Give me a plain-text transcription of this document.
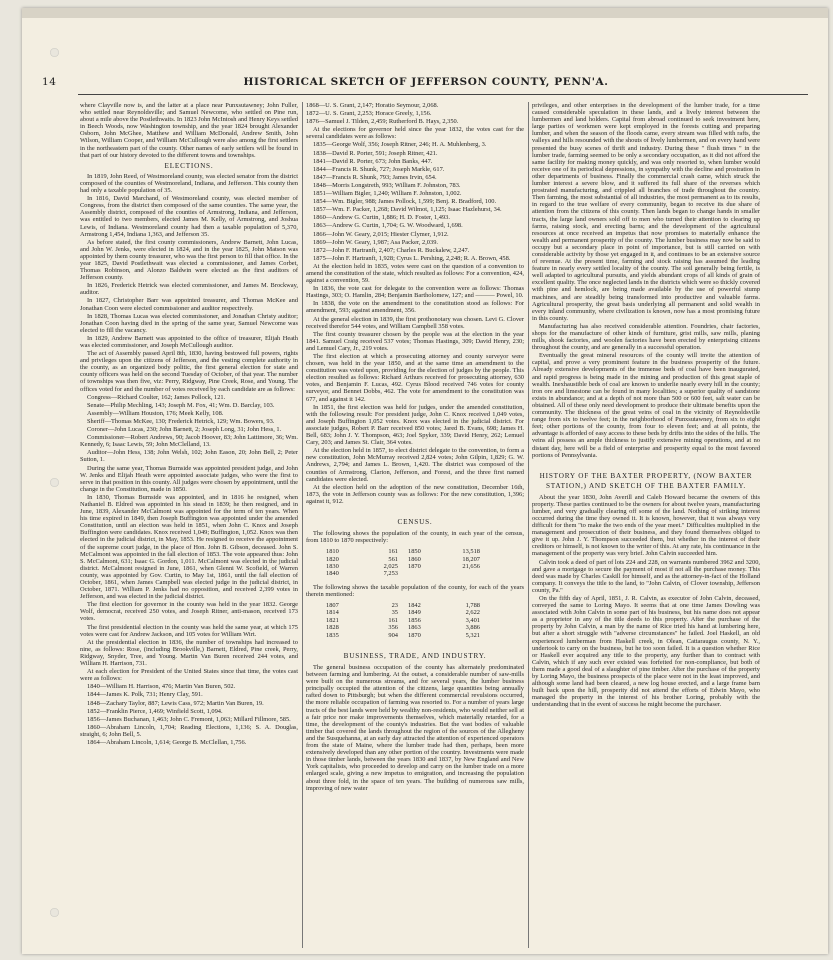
14	HISTORICAL SKETCH OF JEFFERSON COUNTY, PENN'A.

where Clayville now is, and the latter at a place near Punxsutawney; John Fuller, who settled near Reynoldsville; and Samuel Newcome, who settled on Pine run, about a mile above the Postlethwaits. In 1823 John McIntosh and Henry Keys settled in Beech Woods, now Washington township, and the year 1824 brought Alexander Osborn, John McGhee, Matthew and William McDonald, Andrew Smith, John Wilson, William Cooper, and William McCullough were also among the first settlers in the northeastern part of the county. Other names of early settlers will be found in that part of our history devoted to the different towns and townships.

ELECTIONS.

In 1819, John Reed, of Westmoreland county, was elected senator from the district composed of the counties of Westmoreland, Indiana, and Jefferson. This county then had only a taxable population of 35.

In 1816, David Marchand, of Westmoreland county, was elected member of Congress, from the district then composed of the same counties. The same year, the Assembly district, composed of the counties of Armstrong, Indiana, and Jefferson, was entitled to two members, elected James M. Kelly, of Armstrong, and Joshua Lewis, of Indiana. Westmoreland county had then a taxable population of 5,370, Armstrong 1,454, Indiana 1,363, and Jefferson 35.

As before stated, the first county commissioners, Andrew Barnett, John Lucas, and John W. Jenks, were elected in 1824, and in the year 1825, John Matson was appointed by them county treasurer, who was the first person to fill that office. In the year 1825, David Postlethwait was elected a commissioner, and James Corbet, Thomas Robinson, and Alonzo Baldwin were elected as the first auditors of Jefferson county.

In 1826, Frederick Hetrick was elected commissioner, and James M. Brockway, auditor.

In 1827, Christopher Barr was appointed treasurer, and Thomas McKee and Jonathan Coon were elected commissioner and auditor respectively.

In 1828, Thomas Lucas was elected commissioner, and Jonathan Christy auditor; Jonathan Coon having died in the spring of the same year, Samuel Newcome was elected to fill the vacancy.

In 1829, Andrew Barnett was appointed to the office of treasurer, Elijah Heath was elected commissioner, and Joseph McCullough auditor.

The act of Assembly passed April 8th, 1830, having bestowed full powers, rights and privileges upon the citizens of Jefferson, and the vesting complete authority in the county, as an organized body politic, the first general election for state and county officers was held on the second Tuesday of October, of that year. The number of townships was then five, viz: Perry, Ridgway, Pine Creek, Rose, and Young. The offices voted for and the number of votes received by each candidate are as follows:

Congress—Richard Coulter, 162; James Pollock, 121.

Senate—Philip Mechling, 143; Joseph M. Fox, 41; Wm. D. Barclay, 103.

Assembly—William Houston, 176; Meek Kelly, 108.

Sheriff—Thomas McKee, 130; Frederick Hetrick, 129; Wm. Bowers, 93.

Coroner—John Lucas, 230; John Barnett, 2; Joseph Long, 31; John Hess, 1.

Commissioner—Robert Andrews, 90; Jacob Hoover, 83; John Lattimore, 36; Wm. Kennedy, 6; Isaac Lewis, 59; John McClelland, 13.

Auditor—John Hess, 138; John Welsh, 102; John Eason, 20; John Bell, 2; Peter Sutton, 1.

During the same year, Thomas Burnside was appointed president judge, and John W. Jenks and Elijah Heath were appointed associate judges, who were the first to serve in that position in this county. All judges were chosen by appointment, until the change in the Constitution, made in 1850.

In 1830, Thomas Burnside was appointed, and in 1816 he resigned, when Nathaniel B. Eldred was appointed in his stead in 1839; he then resigned, and in June, 1839, Alexander McCalmont was appointed for the term of ten years. When his time expired in 1849, then Joseph Buffington was appointed under the amended Constitution, until an election was held in 1851, when John C. Knox and Joseph Buffington were candidates. Knox received 1,049; Buffington, 1,052. Knox was then elected in the judicial district, in May, 1853. He resigned to receive the appointment of the supreme court judge, in the place of Hon. John B. Gibson, deceased. John S. McCalmont was appointed in the fall election of 1853. The vote appeared thus: John S. McCalmont, 631; Isaac G. Gordon, 1,011. McCalmont was elected in the judicial district. McCalmont resigned in June, 1861, when Glenni W. Scofield, of Warren county, was appointed by Gov. Curtin, to May 1st, 1861, until the fall election of October, 1861, when James Campbell was elected judge in the judicial district, in October, 1871. William P. Jenks had no opposition, and received 2,399 votes in Jefferson, and was elected in the judicial district.

The first election for governor in the county was held in the year 1832. George Wolf, democrat, received 250 votes, and Joseph Ritner, anti-mason, received 173 votes.

The first presidential election in the county was held the same year, at which 175 votes were cast for Andrew Jackson, and 105 votes for William Wirt.

At the presidential election in 1836, the number of townships had increased to nine, as follows: Rose, (including Brookville,) Barnett, Eldred, Pine creek, Perry, Ridgway, Snyder, Tree, and Young. Martin Van Buren received 244 votes, and William H. Harrison, 731.

At each election for President of the United States since that time, the votes cast were as follows:

1840—William H. Harrison, 476; Martin Van Buren, 502.

1844—James K. Polk, 731; Henry Clay, 591.

1848—Zachary Taylor, 887; Lewis Cass, 972; Martin Van Buren, 19.

1852—Franklin Pierce, 1,469; Winfield Scott, 1,094.

1856—James Buchanan, 1,463; John C. Fremont, 1,063; Millard Fillmore, 585.

1860—Abraham Lincoln, 1,704; Reading Elections, 1,136; S. A. Douglas, straight, 6; John Bell, 5.

1864—Abraham Lincoln, 1,614; George B. McClellan, 1,756.

1868—U. S. Grant, 2,147; Horatio Seymour, 2,068.

1872—U. S. Grant, 2,253; Horace Greely, 1,156.

1876—Samuel J. Tilden, 2,459; Rutherford B. Hays, 2,350.

At the elections for governor held since the year 1832, the votes cast for the several candidates were as follows:

1835—George Wolf, 356; Joseph Ritner, 246; H. A. Muhlenberg, 3.

1838—David R. Porter, 591; Joseph Ritner, 421.

1841—David R. Porter, 673; John Banks, 447.

1844—Francis R. Shunk, 727; Joseph Markle, 617.

1847—Francis R. Shunk, 793; James Irvin, 654.

1848—Morris Longstreth, 993; William F. Johnston, 783.

1851—William Bigler, 1,240; William F. Johnston, 1,002.

1854—Wm. Bigler, 988; James Pollock, 1,599; Benj. R. Bradford, 100.

1857—Wm. F. Packer, 1,268; David Wilmot, 1,125; Isaac Hazlehurst, 34.

1860—Andrew G. Curtin, 1,886; H. D. Foster, 1,493.

1863—Andrew G. Curtin, 1,704; G. W. Woodward, 1,698.

1866—John W. Geary, 2,015; Hiester Clymer, 1,912.

1869—John W. Geary, 1,987; Asa Packer, 2,039.

1872—John F. Hartranft, 2,407; Charles R. Buckalew, 2,247.

1875—John F. Hartranft, 1,928; Cyrus L. Pershing, 2,248; R. A. Brown, 458.

At the election held in 1835, votes were cast on the question of a convention to amend the constitution of the state, which resulted as follows: For a convention, 424, against a convention, 59.

In 1836, the vote cast for delegate to the convention were as follows: Thomas Hastings, 303; O. Hamlin, 284; Benjamin Bartholomew, 127; and ——— Powel, 10.

In 1838, the vote on the amendment to the constitution stood as follows: For amendment, 593; against amendment, 356.

At the general election in 1839, the first prothonotary was chosen. Levi G. Clover received therefor 544 votes, and William Campbell 358 votes.

The first county treasurer chosen by the people was at the election in the year 1841. Samuel Craig received 537 votes; Thomas Hastings, 309; David Henry, 230; and Lemuel Cary, Jr., 219 votes.

The first election at which a prosecuting attorney and county surveyor were chosen, was held in the year 1850, and at the same time an amendment to the constitution was voted upon, providing for the election of judges by the people. This election resulted as follows: Richard Arthurs received for prosecuting attorney, 630 votes, and Benjamin F. Lucas, 492. Cyrus Blood received 746 votes for county surveyor, and Bennet Dobbs, 462. The vote for amendment to the constitution was 677, and against it 142.

In 1851, the first election was held for judges, under the amended constitution, with the following result: For president judge, John C. Knox received 1,049 votes, and Joseph Buffington 1,052 votes. Knox was elected in the judicial district. For associate judges, Robert P. Barr received 850 votes; Jared B. Evans, 698; James H. Bell, 683; John J. Y. Thompson, 463; Joel Spyker, 339; David Henry, 262; Lemuel Cary, 203; and James St. Clair, 364 votes.

At the election held in 1857, to elect district delegate to the convention, to form a new constitution, John McMurray received 2,824 votes; John Gilpin, 1,829; G. W. Andrews, 2,794; and James L. Brown, 1,420. The district was composed of the counties of Armstrong, Clarion, Jefferson, and Forest, and the three first named candidates were elected.

At the election held on the adoption of the new constitution, December 16th, 1873, the vote in Jefferson county was as follows: For the new constitution, 1,396; against it, 912.

CENSUS.

The following shows the population of the county, in each year of the census, from 1810 to 1870 respectively:

1810	161	1850	13,518
1820	561	1860	18,207
1830	2,025	1870	21,656
1840	7,253		

The following shows the taxable population of the county, for each of the years therein mentioned:

1807	23	1842	1,788
1814	35	1849	2,622
1821	161	1856	3,401
1828	356	1863	3,886
1835	904	1870	5,321
BUSINESS, TRADE, AND INDUSTRY.

The general business occupation of the county has alternately predominated between farming and lumbering. At the outset, a considerable number of saw-mills were built on the numerous streams, and for several years, the lumber business principally occupied the attention of the citizens, large quantities being annually rafted down to Pittsburgh; but when the different commercial revulsions occurred, the more reliable occupation of farming was resorted to. For a number of years large tracts of the best lands were held by wealthy non-residents, who would neither sell at a fair price nor make improvements themselves, which materially retarded, for a time, the development of the county's industries. But the vast bodies of valuable timber that covered the lands throughout the region of the sources of the Allegheny and the Susquehanna, at an early day attracted the attention of experienced operators from the state of Maine, where the lumber trade had then, perhaps, been more extensively developed than any other portion of the country. Investments were made in those timber lands, between the years 1830 and 1837, by New England and New York capitalists, who proceeded to develop and carry on the lumber trade on a more enlarged scale, giving a new impetus to emigration, and increasing the population about three fold, in the space of ten years. The building of numerous saw mills, improving of new water

privileges, and other enterprises in the development of the lumber trade, for a time caused considerable speculation in these lands, and a lively interest between the lumbermen and land holders. Capital from abroad continued to seek investment here, large parties of workmen were kept employed in the forests cutting and preparing lumber, and when the season of the floods came, every stream was filled with rafts, the valleys and hills resounded with the shouts of lively lumbermen, and on every hand were presented the busy scenes of thrift and industry. During these " flush times " in the lumber trade, farming seemed to be only a secondary occupation, as it did not afford the same facility for making money quickly, and was only resorted to, when lumber would receive one of its periodical depressions, in sympathy with the decline and prostration in other departments of business. Finally the commercial crash came, which struck the lumber interest a severe blow, and it suffered its full share of the reverses which prostrated manufacturing, and crippled all branches of trade throughout the country. Then farming, the most substantial of all industries, the most permanent as to its results, in regard to the true welfare of every community, began to receive its due share of attention from the citizens of this county. Then lands began to change hands in smaller tracts, the large land owners sold off to men who turned their attention to clearing up farms, raising stock, and erecting barns; and the development of the agricultural resources at once received an impetus that now promises to materially enhance the wealth and permanent prosperity of the county. The lumber business may now be said to occupy but a secondary place in point of importance, but is still carried on with considerable activity by those yet engaged in it, and continues to be an extensive source of revenue. At the present time, farming and stock raising has assumed the leading feature in nearly every settled locality of the county. The soil generally being fertile, is well adapted to agricultural pursuits, and yields abundant crops of all kinds of grain of excellent quality. The once neglected lands in the districts which were so thickly covered with pine and hemlock, are being made available by the use of powerful stump machines, and are steadily being transformed into productive and valuable farms. Agricultural prosperity, the great basis underlying all permanent and solid wealth in every inland community, where civilization is known, now has a most promising future in this county.

Manufacturing has also received considerable attention. Foundries, chair factories, shops for the manufacture of other kinds of furniture, grist mills, saw mills, planing mills, shook factories, and woolen factories have been erected by enterprising citizens throughout the county, and are generally in a successful operation.

Eventually the great mineral resources of the county will invite the attention of capital, and prove a very prominent feature in the business prosperity of the future. Already extensive developments of the immense beds of coal have been inaugurated, and rapid progress is being made in the mining and production of this great staple of wealth. Inexhaustible beds of coal are known to underlie nearly every hill in the county; iron ore and limestone can be found in many localities; a superior quality of sandstone exists in abundance; and at a depth of not more than 500 or 600 feet, salt water can be obtained. All of these only need development to produce their ultimate benefits upon the community. The thickness of the great veins of coal in the vicinity of Reynoldsville range from six to twelve feet; in the neighborhood of Punxsutawney, from six to eight feet; other portions of the county, from four to eleven feet; and at all points, the advantage is afforded of easy access to these beds by drifts into the sides of the hills. The veins all possess an ample thickness to justify extensive mining operations, and at no distant day, here will be a field of enterprise and prosperity equal to the most favored portions of Pennsylvania.

HISTORY OF THE BAXTER PROPERTY, (NOW BAXTER STATION,) AND SKETCH OF THE BAXTER FAMILY.

About the year 1830, John Averill and Caleb Howard became the owners of this property. These parties continued to be the owners for about twelve years, manufacturing lumber, and very gradually clearing off some of the land. Nothing of striking interest occurred during the time they owned it. It is known, however, that it was always very difficult for them "to make the two ends of the year meet." Difficulties multiplied in the management and prosecution of their business, and they found themselves obliged to give it up. John J. Y. Thompson succeeded them, but whether in the interest of their creditors or himself, is not known to the writer of this. At any rate, his continuance in the management of the property was very brief. John Calvin succeeded him.

Calvin took a deed of part of lots 224 and 228, on warrants numbered 3962 and 3200, and gave a mortgage to secure the payment of most if not all the purchase money. This deed was made by Charles Caskill for himself, and as the attorney-in-fact of the Holland company. It conveys the title to the land, to "John Calvin, of Clover township, Jefferson county, Pa."

On the fifth day of April, 1851, J. R. Calvin, as executor of John Calvin, deceased, conveyed the same to Loring Mayo. It seems that at one time James Dowling was associated with John Calvin in some part of his business, but his name does not appear as a proprietor in any of the title deeds to this property. After the purchase of the property by John Calvin, a man by the name of Rice tried his hand at lumbering here, but after a short struggle with "adverse circumstances" he failed. Joel Haskell, an old experienced lumberman from Haskell creek, in Olean, Cattaraugus county, N. Y., undertook to carry on the business, but he too soon failed. It is a question whether Rice or Haskell ever acquired any title to the property, any further than to contract with Calvin, which if any such ever existed was forfeited for non-compliance, but both of them made a good deal of a slaughter of pine timber. After the purchase of the property by Loring Mayo, the business prospects of the place were not in the least improved, and although some land had been cleared, a new log house erected, and a large frame barn built back upon the hill, prosperity did not attend the efforts of Edwin Mayo, who managed the property in the interest of his brother Loring, probably with the understanding that in the event of success he might become the purchaser.
